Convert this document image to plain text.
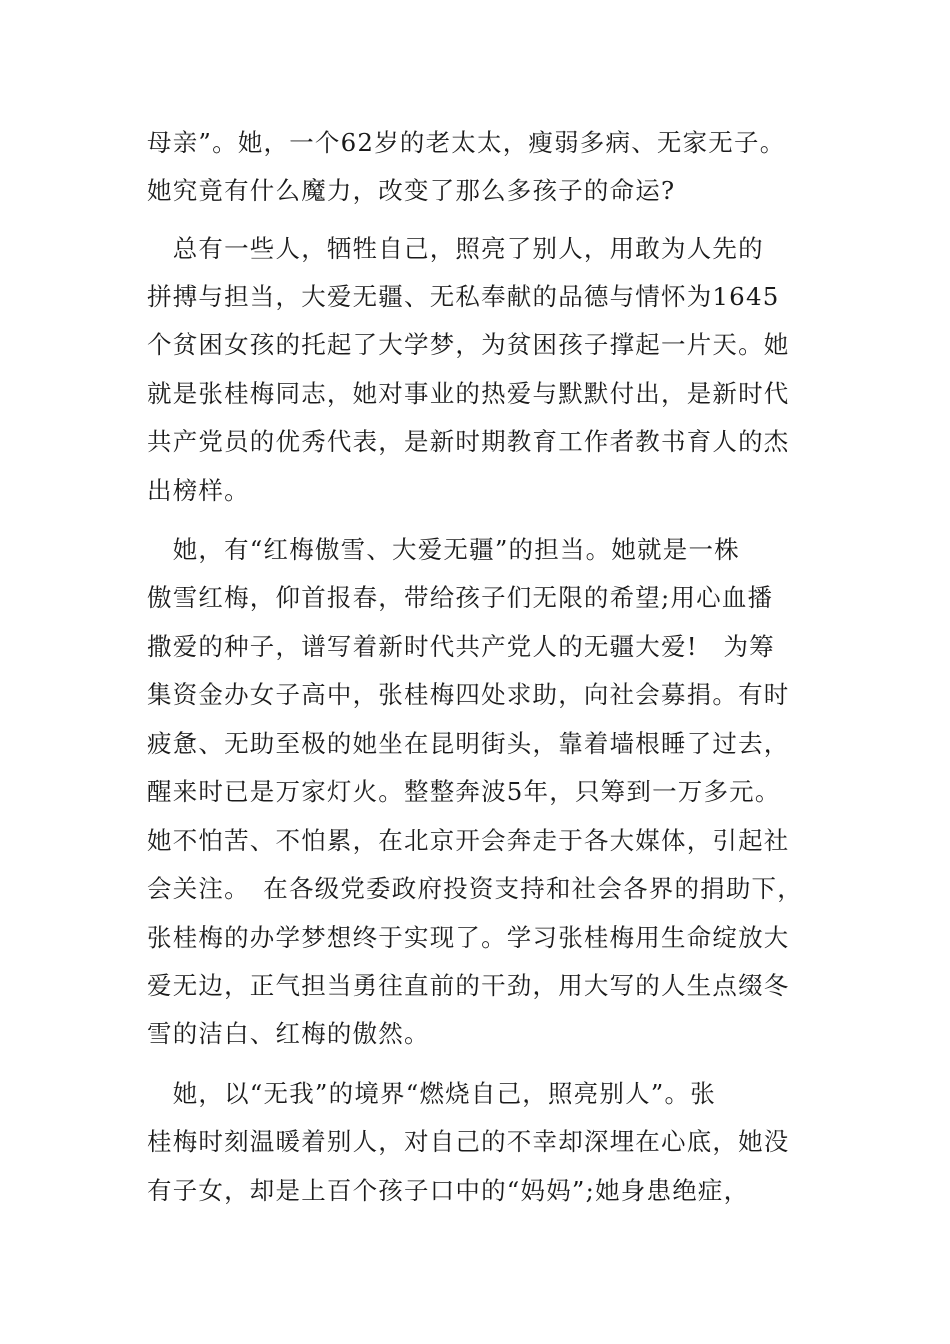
母亲”。她，一个62岁的老太太，瘦弱多病、无家无子。
她究竟有什么魔力，改变了那么多孩子的命运?
　总有一些人，牺牲自己，照亮了别人，用敢为人先的
拼搏与担当，大爱无疆、无私奉献的品德与情怀为1645
个贫困女孩的托起了大学梦，为贫困孩子撑起一片天。她
就是张桂梅同志，她对事业的热爱与默默付出，是新时代
共产党员的优秀代表，是新时期教育工作者教书育人的杰
出榜样。
　她，有“红梅傲雪、大爱无疆”的担当。她就是一株
傲雪红梅，仰首报春，带给孩子们无限的希望;用心血播
撒爱的种子，谱写着新时代共产党人的无疆大爱!　为筹
集资金办女子高中，张桂梅四处求助，向社会募捐。有时
疲惫、无助至极的她坐在昆明街头，靠着墙根睡了过去，
醒来时已是万家灯火。整整奔波5年，只筹到一万多元。
她不怕苦、不怕累，在北京开会奔走于各大媒体，引起社
会关注。　在各级党委政府投资支持和社会各界的捐助下，
张桂梅的办学梦想终于实现了。学习张桂梅用生命绽放大
爱无边，正气担当勇往直前的干劲，用大写的人生点缀冬
雪的洁白、红梅的傲然。
　她，以“无我”的境界“燃烧自己，照亮别人”。张
桂梅时刻温暖着别人，对自己的不幸却深埋在心底，她没
有子女，却是上百个孩子口中的“妈妈”;她身患绝症，
